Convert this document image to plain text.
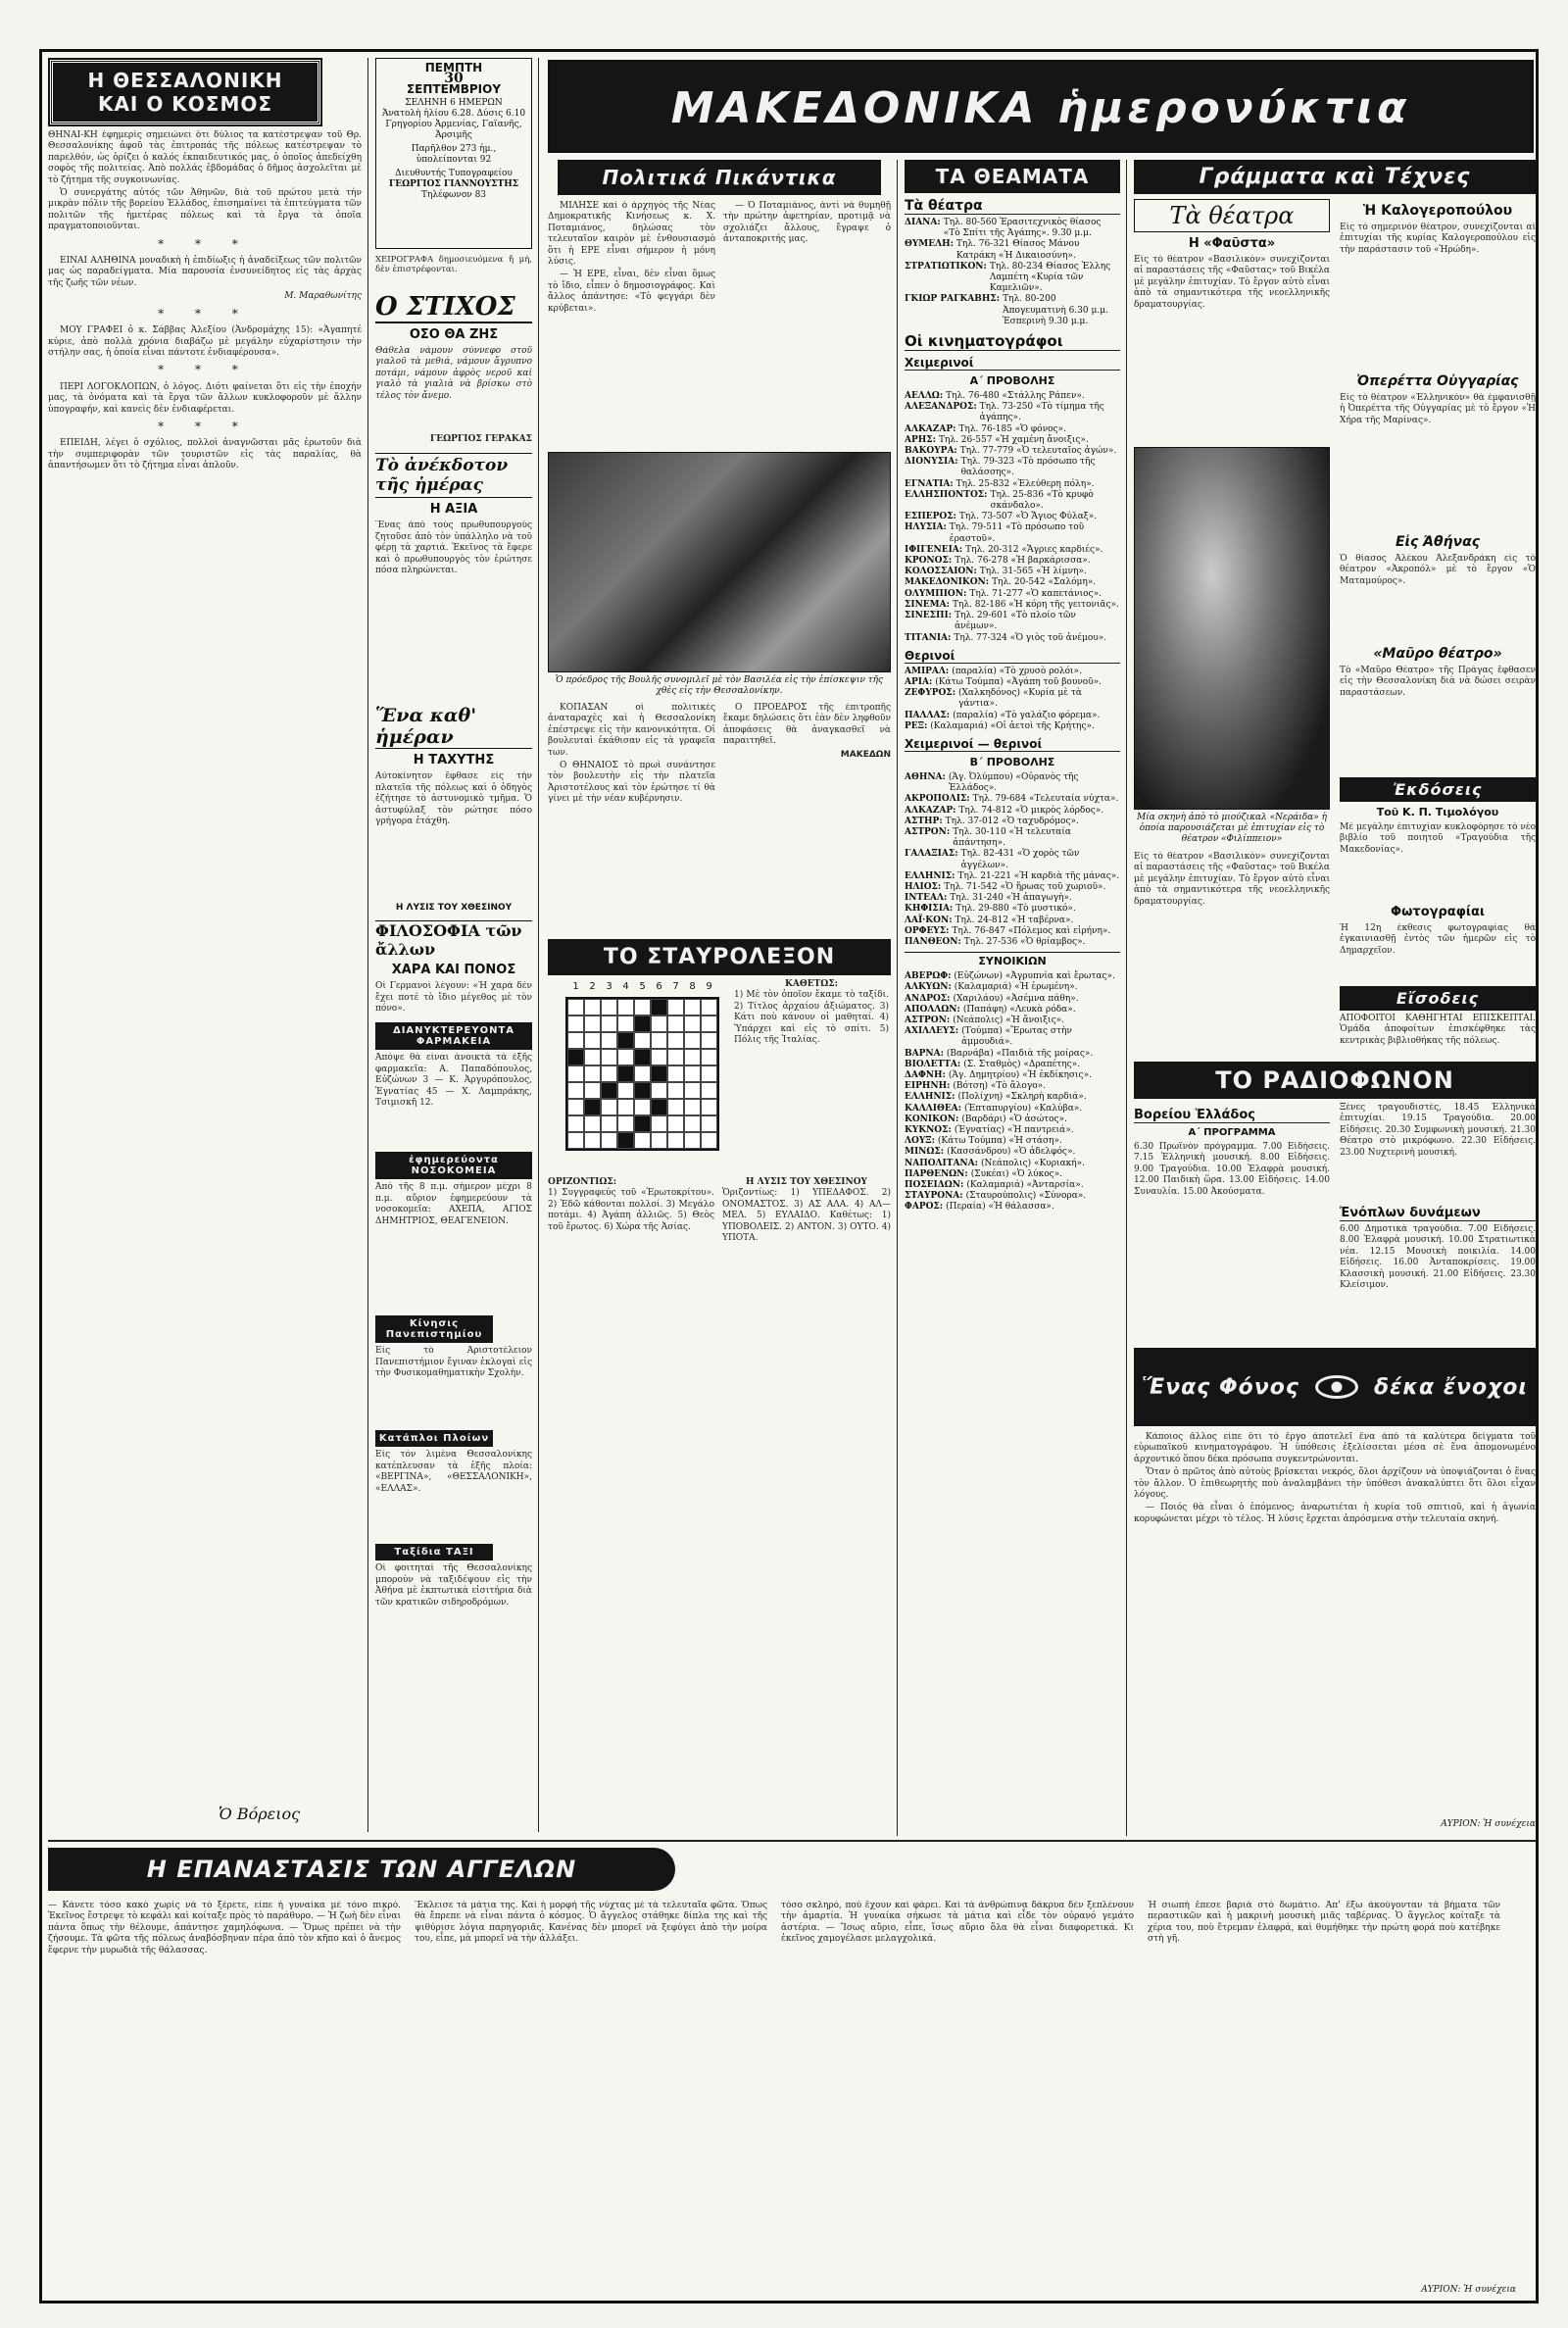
Η ΘΕΣΣΑΛΟΝΙΚΗ
ΚΑΙ Ο ΚΟΣΜΟΣ

ΘΗΝΑΙ-ΚΗ ἐφημερὶς σημειώνει ὅτι δύλιος τα κατέστρεψαν τοῦ Θρ. Θεσσαλονίκης ἀφοῦ τὰς ἐπιτροπάς τῆς πόλεως κατέστρεψαν τὸ παρελθόν, ὡς ὁρίζει ὁ καλός ἐκπαιδευτικός μας, ὁ ὁποῖος ἀπεδείχθη σοφὸς τῆς πολιτείας. Ἀπὸ πολλάς ἐβδομάδας ὁ δῆμος ἀσχολεῖται μὲ τὸ ζήτημα τῆς συγκοινωνίας.

Ὁ συνεργάτης αὐτός τῶν Ἀθηνῶν, διὰ τοῦ πρώτου μετὰ τὴν μικρὰν πόλιν τῆς βορείου Ἑλλάδος, ἐπισημαίνει τὰ ἐπιτεύγματα τῶν πολιτῶν τῆς ἡμετέρας πόλεως καὶ τὰ ἔργα τὰ ὁποῖα πραγματοποιοῦνται.

* * *

ΕΙΝΑΙ ΑΛΗΘΙΝΑ μοναδικὴ ἡ ἐπιδίωξις ἡ ἀναδείξεως τῶν πολιτῶν μας ὡς παραδείγματα. Μία παρουσία ἐνσυνείδητος εἰς τὰς ἀρχὰς τῆς ζωῆς τῶν νέων.

Μ. Μαραθωνίτης

* * *

ΜΟΥ ΓΡΑΦΕΙ ὁ κ. Σάββας Ἀλεξίου (Ἀνδρομάχης 15): «Ἀγαπητέ κύριε, ἀπὸ πολλὰ χρόνια διαβάζω μὲ μεγάλην εὐχαρίστησιν τὴν στήλην σας, ἡ ὁποία εἶναι πάντοτε ἐνδιαφέρουσα».

* * *

ΠΕΡΙ ΛΟΓΟΚΛΟΠΩΝ, ὁ λόγος. Διότι φαίνεται ὅτι εἰς τὴν ἐποχήν μας, τὰ ὀνόματα καὶ τὰ ἔργα τῶν ἄλλων κυκλοφοροῦν μὲ ἄλλην ὑπογραφήν, καὶ κανεὶς δὲν ἐνδιαφέρεται.

* * *

ΕΠΕΙΔΗ, λέγει ὁ σχόλιος, πολλοὶ ἀναγνῶσται μᾶς ἐρωτοῦν διὰ τὴν συμπεριφορὰν τῶν τουριστῶν εἰς τὰς παραλίας, θὰ ἀπαντήσωμεν ὅτι τὸ ζήτημα εἶναι ἁπλοῦν.

Ὁ Βόρειος
ΠΕΜΠΤΗ
30
ΣΕΠΤΕΜΒΡΙΟΥ
ΣΕΛΗΝΗ 6 ΗΜΕΡΩΝ
Ἀνατολὴ ἡλίου 6.28. Δύσις 6.10
Γρηγορίου Ἀρμενίας, Γαϊανῆς, Ἀρσιμῆς
Παρῆλθον 273 ἡμ., ὑπολείπονται 92
Διευθυντής Τυπογραφείου
ΓΕΩΡΓΙΟΣ ΓΙΑΝΝΟΥΣΤΗΣ
Τηλέφωνον 83
ΧΕΙΡΟΓΡΑΦΑ δημοσιευόμενα ἤ μή, δὲν ἐπιστρέφονται.
Ο ΣΤΙΧΟΣ
ΟΣΟ ΘΑ ΖΗΣ
Θάθελα νάμουν σύννεφο στοῦ γιαλοῦ τὰ μεθιά, νάμουν ἄγρυπνο ποτάμι, νάμουν ἀφρὸς νεροῦ καὶ γιαλὸ τὰ γιαλιὰ νὰ βρίσκω στὸ τέλος τὸν ἄνεμο.
ΓΕΩΡΓΙΟΣ ΓΕΡΑΚΑΣ
Τὸ ἀνέκδοτον τῆς ἡμέρας
Η ΑΞΙΑ
Ἕνας ἀπὸ τοὺς πρωθυπουργοὺς ζητοῦσε ἀπὸ τὸν ὑπάλληλο νὰ τοῦ φέρῃ τὰ χαρτιά. Ἐκεῖνος τὰ ἔφερε καὶ ὁ πρωθυπουργὸς τὸν ἐρώτησε πόσα πληρώνεται.
Ἕνα καθ' ἡμέραν
Η ΤΑΧΥΤΗΣ
Αὐτοκίνητον ἔφθασε εἰς τὴν πλατεῖα τῆς πόλεως καὶ ὁ ὁδηγὸς ἐζήτησε τὸ ἀστυνομικὸ τμῆμα. Ὁ ἀστυφύλαξ τὸν ρώτησε πόσο γρήγορα ἐτάχθη.
Η ΛΥΣΙΣ ΤΟΥ ΧΘΕΣΙΝΟΥ
ΦΙΛΟΣΟΦΙΑ τῶν ἄλλων
ΧΑΡΑ ΚΑΙ ΠΟΝΟΣ
Οἱ Γερμανοὶ λέγουν: «Ἡ χαρὰ δὲν ἔχει ποτέ τὸ ἴδιο μέγεθος μὲ τὸν πόνο».
ΔΙΑΝΥΚΤΕΡΕΥΟΝΤΑ ΦΑΡΜΑΚΕΙΑ
Ἀπόψε θὰ εἶναι ἀνοικτὰ τὰ ἑξῆς φαρμακεῖα: Α. Παπαδόπουλος, Εὐζώνων 3 — Κ. Ἀργυρόπουλος, Ἐγνατίας 45 — Χ. Λαμπράκης, Τσιμισκῆ 12.
ἐφημερεύοντα ΝΟΣΟΚΟΜΕΙΑ
Ἀπὸ τῆς 8 π.μ. σήμερον μέχρι 8 π.μ. αὔριον ἐφημερεύουν τὰ νοσοκομεῖα: ΑΧΕΠΑ, ΑΓΙΟΣ ΔΗΜΗΤΡΙΟΣ, ΘΕΑΓΕΝΕΙΟΝ.
Κίνησις Πανεπιστημίου
Εἰς τὸ Ἀριστοτέλειον Πανεπιστήμιον ἔγιναν ἐκλογαὶ εἰς τὴν Φυσικομαθηματικὴν Σχολὴν.
Κατάπλοι Πλοίων
Εἰς τὸν λιμένα Θεσσαλονίκης κατέπλευσαν τὰ ἑξῆς πλοία: «ΒΕΡΓΙΝΑ», «ΘΕΣΣΑΛΟΝΙΚΗ», «ΕΛΛΑΣ».
Ταξίδια ΤΑΞΙ
Οἱ φοιτηταὶ τῆς Θεσσαλονίκης μπορούν νὰ ταξιδέψουν εἰς τὴν Ἀθήνα μὲ ἑκπτωτικὰ εἰσιτήρια διὰ τῶν κρατικῶν σιδηροδρόμων.
ΜΑΚΕΔΟΝΙΚΑ ἡμερονύκτια
Πολιτικά Πικάντικα

ΜΙΛΗΣΕ καὶ ὁ ἀρχηγὸς τῆς Νέας Δημοκρατικῆς Κινήσεως κ. Χ. Ποταμιάνος, δηλώσας τὸν τελευταῖον καιρὸν μὲ ἐνθουσιασμὸ ὅτι ἡ ΕΡΕ εἶναι σήμερον ἡ μόνη λύσις.

— Ἡ ΕΡΕ, εἶναι, δὲν εἶναι ὅμως τὸ ἴδιο, εἶπεν ὁ δημοσιογράφος. Καὶ ἄλλος ἀπάντησε: «Τὸ φεγγάρι δὲν κρύβεται».

— Ὁ Ποταμιάνος, ἀντὶ νὰ θυμηθῇ τὴν πρώτην ἀφετηρίαν, προτιμᾷ νὰ σχολιάζει ἄλλους, ἔγραψε ὁ ἀνταποκριτής μας.

Ὁ πρόεδρος τῆς Βουλῆς συνομιλεῖ μὲ τὸν Βασιλέα εἰς τὴν ἐπίσκεψιν τῆς χθὲς εἰς τὴν Θεσσαλονίκην.

ΚΟΠΑΣΑΝ οἱ πολιτικὲς ἀναταραχὲς καὶ ἡ Θεσσαλονίκη ἐπέστρεψε εἰς τὴν κανονικότητα. Οἱ βουλευταὶ ἐκάθισαν εἰς τὰ γραφεῖα των.

Ο ΘΗΝΑΙΟΣ τὸ πρωὶ συνάντησε τὸν βουλευτὴν εἰς τὴν πλατεῖα Ἀριστοτέλους καὶ τὸν ἐρώτησε τί θὰ γίνει μὲ τὴν νέαν κυβέρνησιν.

Ο ΠΡΟΕΔΡΟΣ τῆς ἐπιτροπῆς ἔκαμε δηλώσεις ὅτι ἐὰν δὲν ληφθοῦν ἀποφάσεις θὰ ἀναγκασθεῖ νὰ παραιτηθεῖ.

ΜΑΚΕΔΩΝ

ΤΟ ΣΤΑΥΡΟΛΕΞΟΝ
1	2	3	4	5	6	7	8	9	ΚΑΘΕΤΩΣ:

1) Μὲ τὸν ὁποῖον ἔκαμε τὸ ταξίδι. 2) Τίτλος ἀρχαίου ἀξιώματος. 3) Κάτι ποὺ κάνουν οἱ μαθηταί. 4) Ὑπάρχει καὶ εἰς τὸ σπίτι. 5) Πόλις τῆς Ἰταλίας.

ΟΡΙΖΟΝΤΙΩΣ:

1) Συγγραφεύς τοῦ «Ἐρωτοκρίτου». 2) Ἐδῶ κάθονται πολλοί. 3) Μεγάλο ποτάμι. 4) Ἀγάπη ἀλλιῶς. 5) Θεὸς τοῦ ἔρωτος. 6) Χώρα τῆς Ἀσίας.

Η ΛΥΣΙΣ ΤΟΥ ΧΘΕΣΙΝΟΥ

Ὁριζοντίως: 1) ΥΠΕΔΑΦΟΣ. 2) ΟΝΟΜΑΣΤΟΣ. 3) ΑΣ ΑΛΑ. 4) ΑΛ—ΜΕΛ. 5) ΕΥΛΑΙΔΟ. Καθέτως: 1) ΥΠΟΒΟΛΕΙΣ. 2) ΑΝΤΟΝ. 3) ΟΥΤΟ. 4) ΥΠΟΤΑ.

ΤΑ ΘΕΑΜΑΤΑ
Τὰ θέατρα
ΔΙΑΝΑ: Τηλ. 80-560 Ἐρασιτεχνικὸς θίασος «Τὸ Σπίτι τῆς Ἀγάπης». 9.30 μ.μ.
ΘΥΜΕΛΗ: Τηλ. 76-321 Θίασος Μάνου Κατράκη «Ἡ Δικαιοσύνη».
ΣΤΡΑΤΙΩΤΙΚΟΝ: Τηλ. 80-234 Θίασος Ἐλλης Λαμπέτη «Κυρία τῶν Καμελιῶν».
ΓΚΙΩΡ ΡΑΓΚΑΒΗΣ: Τηλ. 80-200 Ἀπογευματινὴ 6.30 μ.μ. Ἑσπερινὴ 9.30 μ.μ.
Οἱ κινηματογράφοι
Χειμερινοί
Α΄ ΠΡΟΒΟΛΗΣ
ΑΕΛΛΩ: Τηλ. 76-480 «Στάλλης Ράπεν».
ΑΛΕΞΑΝΔΡΟΣ: Τηλ. 73-250 «Τὸ τίμημα τῆς ἀγάπης».
ΑΛΚΑΖΑΡ: Τηλ. 76-185 «Ὁ φόνος».
ΑΡΗΣ: Τηλ. 26-557 «Ἡ χαμένη ἄνοιξις».
ΒΑΚΟΥΡΑ: Τηλ. 77-779 «Ὁ τελευταῖος ἀγών».
ΔΙΟΝΥΣΙΑ: Τηλ. 79-323 «Τὸ πρόσωπο τῆς θαλάσσης».
ΕΓΝΑΤΙΑ: Τηλ. 25-832 «Ἐλεύθερη πόλη».
ΕΛΛΗΣΠΟΝΤΟΣ: Τηλ. 25-836 «Τὸ κρυφὸ σκάνδαλο».
ΕΣΠΕΡΟΣ: Τηλ. 73-507 «Ὁ Ἄγιος Φύλαξ».
ΗΛΥΣΙΑ: Τηλ. 79-511 «Τὸ πρόσωπο τοῦ ἐραστοῦ».
ΙΦΙΓΕΝΕΙΑ: Τηλ. 20-312 «Ἄγριες καρδιές».
ΚΡΟΝΟΣ: Τηλ. 76-278 «Ἡ βαρκάρισσα».
ΚΟΛΟΣΣΑΙΟΝ: Τηλ. 31-565 «Ἡ λίμνη».
ΜΑΚΕΔΟΝΙΚΟΝ: Τηλ. 20-542 «Σαλόμη».
ΟΛΥΜΠΙΟΝ: Τηλ. 71-277 «Ὁ καπετάνιος».
ΣΙΝΕΜΑ: Τηλ. 82-186 «Ἡ κόρη τῆς γειτονιᾶς».
ΣΙΝΕΣΠΙ: Τηλ. 29-601 «Τὸ πλοίο τῶν ἀνέμων».
ΤΙΤΑΝΙΑ: Τηλ. 77-324 «Ὁ γιὸς τοῦ ἀνέμου».
Θερινοί
ΑΜΙΡΑΛ: (παραλία) «Τὸ χρυσὸ ρολόι».
ΑΡΙΑ: (Κάτω Τούμπα) «Ἀγάπη τοῦ βουνοῦ».
ΖΕΦΥΡΟΣ: (Χαλκηδόνος) «Κυρία μὲ τὰ γάντια».
ΠΑΛΛΑΣ: (παραλία) «Τὸ γαλάζιο φόρεμα».
ΡΕΞ: (Καλαμαριά) «Οἱ ἀετοὶ τῆς Κρήτης».
Χειμερινοί — θερινοί
Β΄ ΠΡΟΒΟΛΗΣ
ΑΘΗΝΑ: (Ἁγ. Ὀλύμπου) «Οὐρανὸς τῆς Ἑλλάδος».
ΑΚΡΟΠΟΛΙΣ: Τηλ. 79-684 «Τελευταία νύχτα».
ΑΛΚΑΖΑΡ: Τηλ. 74-812 «Ὁ μικρὸς λόρδος».
ΑΣΤΗΡ: Τηλ. 37-012 «Ὁ ταχυδρόμος».
ΑΣΤΡΟΝ: Τηλ. 30-110 «Ἡ τελευταία ἀπάντηση».
ΓΑΛΑΞΙΑΣ: Τηλ. 82-431 «Ὁ χορὸς τῶν ἀγγέλων».
ΕΛΛΗΝΙΣ: Τηλ. 21-221 «Ἡ καρδιὰ τῆς μάνας».
ΗΛΙΟΣ: Τηλ. 71-542 «Ὁ ἥρωας τοῦ χωριοῦ».
ΙΝΤΕΑΛ: Τηλ. 31-240 «Ἡ ἀπαγωγὴ».
ΚΗΦΙΣΙΑ: Τηλ. 29-880 «Τὸ μυστικό».
ΛΑΪ·ΚΟΝ: Τηλ. 24-812 «Ἡ ταβέρνα».
ΟΡΦΕΥΣ: Τηλ. 76-847 «Πόλεμος καὶ εἰρήνη».
ΠΑΝΘΕΟΝ: Τηλ. 27-536 «Ὁ θρίαμβος».
ΣΥΝΟΙΚΙΩΝ
ΑΒΕΡΩΦ: (Εὐζώνων) «Ἀγρυπνία καὶ ἔρωτας».
ΑΛΚΥΩΝ: (Καλαμαριά) «Ἡ ἑρωμένη».
ΑΝΔΡΟΣ: (Χαριλάου) «Ἀσέμνα πάθη».
ΑΠΟΛΛΩΝ: (Παπάφη) «Λευκὰ ρόδα».
ΑΣΤΡΟΝ: (Νεάπολις) «Ἡ ἄνοιξις».
ΑΧΙΛΛΕΥΣ: (Τούμπα) «Ἔρωτας στὴν ἀμμουδιά».
ΒΑΡΝΑ: (Βαρνάβα) «Παιδιὰ τῆς μοίρας».
ΒΙΟΛΕΤΤΑ: (Σ. Σταθμὸς) «Δραπέτης».
ΔΑΦΝΗ: (Ἁγ. Δημητρίου) «Ἡ ἐκδίκησις».
ΕΙΡΗΝΗ: (Βότση) «Τὸ ἄλογο».
ΕΛΛΗΝΙΣ: (Πολίχνη) «Σκληρὴ καρδιά».
ΚΑΛΛΙΘΕΑ: (Ἐπταπυργίου) «Καλύβα».
ΚΟΝΙΚΟΝ: (Βαρδάρι) «Ὁ ἀσώτος».
ΚΥΚΝΟΣ: (Ἐγνατίας) «Ἡ παντρειά».
ΛΟΥΞ: (Κάτω Τούμπα) «Ἡ στάση».
ΜΙΝΩΣ: (Κασσάνδρου) «Ὁ ἀδελφός».
ΝΑΠΟΛΙΤΑΝΑ: (Νεάπολις) «Κυριακή».
ΠΑΡΘΕΝΩΝ: (Συκέαι) «Ὁ λύκος».
ΠΟΣΕΙΔΩΝ: (Καλαμαριά) «Ἀνταρσία».
ΣΤΑΥΡΟΝΑ: (Σταυρούπολις) «Σύνορα».
ΦΑΡΟΣ: (Περαία) «Ἡ θάλασσα».
Γράμματα καὶ Τέχνες
Τὰ θέατρα
Η «Φαῦστα»
Εἰς τὸ θέατρον «Βασιλικὸν» συνεχίζονται αἱ παραστάσεις τῆς «Φαῦστας» τοῦ Βικέλα μὲ μεγάλην ἐπιτυχίαν. Τὸ ἔργον αὐτὸ εἶναι ἀπὸ τὰ σημαντικότερα τῆς νεοελληνικῆς δραματουργίας.
Μία σκηνὴ ἀπὸ τὸ μιούζικαλ «Νεράιδα» ἡ ὁποία παρουσιάζεται μὲ ἐπιτυχίαν εἰς τὸ θέατρον «Φιλίππειον»
Εἰς τὸ θέατρον «Βασιλικὸν» συνεχίζονται αἱ παραστάσεις τῆς «Φαῦστας» τοῦ Βικέλα μὲ μεγάλην ἐπιτυχίαν. Τὸ ἔργον αὐτὸ εἶναι ἀπὸ τὰ σημαντικότερα τῆς νεοελληνικῆς δραματουργίας.
Ἡ Καλογεροπούλου
Εἰς τὸ σημερινόν θέατρον, συνεχίζονται αἱ ἐπιτυχίαι τῆς κυρίας Καλογεροπούλου εἰς τὴν παράστασιν τοῦ «Ἡρώδη».
Ὀπερέττα Οὐγγαρίας
Εἰς τὸ θέατρον «Ἑλληνικὸν» θὰ ἐμφανισθῇ ἡ Ὀπερέττα τῆς Οὐγγαρίας μὲ τὸ ἔργον «Ἡ Χήρα τῆς Μαρίνας».
Εἰς Ἀθήνας
Ὁ θίασος Ἀλέκου Ἀλεξανδράκη εἰς τὸ θέατρον «Ἀκροπόλ» μὲ τὸ ἔργον «Ὁ Ματαμούρος».
«Μαῦρο θέατρο»
Τὸ «Μαῦρο Θέατρο» τῆς Πράγας ἔφθασεν εἰς τὴν Θεσσαλονίκη διὰ νὰ δώσει σειρὰν παραστάσεων.
Ἐκδόσεις
Τοῦ Κ. Π. Τιμολόγου
Μὲ μεγάλην ἐπιτυχίαν κυκλοφόρησε τὸ νέο βιβλίο τοῦ ποιητοῦ «Τραγούδια τῆς Μακεδονίας».
Φωτογραφίαι
Ἡ 12η ἑκθεσις φωτογραφίας θὰ ἐγκαινιασθῇ ἐντὸς τῶν ἡμερῶν εἰς τὸ Δημαρχεῖον.
Εἴσοδεις
ΑΠΟΦΟΙΤΟΙ ΚΑΘΗΓΗΤΑΙ ΕΠΙΣΚΕΠΤΑΙ. Ὁμάδα ἀποφοίτων ἑπισκέφθηκε τὰς κεντρικὰς βιβλιοθήκας τῆς πόλεως.
ΤΟ ΡΑΔΙΟΦΩΝΟΝ
Βορείου Ἑλλάδος
Α΄ ΠΡΟΓΡΑΜΜΑ
6.30 Πρωϊνὸν πρόγραμμα. 7.00 Εἰδήσεις. 7.15 Ἑλληνικὴ μουσική. 8.00 Εἰδήσεις. 9.00 Τραγούδια. 10.00 Ἐλαφρὰ μουσική. 12.00 Παιδικὴ ὥρα. 13.00 Εἰδήσεις. 14.00 Συναυλία. 15.00 Ἀκούσματα.
Ξένες τραγουδιστές, 18.45 Ἑλληνικὰ ἐπιτυχίαι. 19.15 Τραγούδια. 20.00 Εἰδήσεις. 20.30 Συμφωνικὴ μουσική. 21.30 Θέατρο στὸ μικρόφωνο. 22.30 Εἰδήσεις. 23.00 Νυχτερινὴ μουσική.
Ἐνόπλων δυνάμεων
6.00 Δημοτικὰ τραγούδια. 7.00 Εἰδήσεις. 8.00 Ἐλαφρὰ μουσική. 10.00 Στρατιωτικὰ νέα. 12.15 Μουσικὴ ποικιλία. 14.00 Εἰδήσεις. 16.00 Ἀνταποκρίσεις. 19.00 Κλασσικὴ μουσική. 21.00 Εἰδήσεις. 23.30 Κλείσιμον.
Ἕνας Φόνος	δέκα ἔνοχοι

Κάποιος ἄλλος εἶπε ὅτι τὸ ἔργο ἀποτελεῖ ἕνα ἀπὸ τὰ καλύτερα δείγματα τοῦ εὐρωπαϊκοῦ κινηματογράφου. Ἡ ὑπόθεσις ἐξελίσσεται μέσα σὲ ἕνα ἀπομονωμένο ἀρχοντικό ὅπου δέκα πρόσωπα συγκεντρώνονται.

Ὅταν ὁ πρῶτος ἀπὸ αὐτοὺς βρίσκεται νεκρός, ὅλοι ἀρχίζουν νὰ ὑποψιάζονται ὁ ἕνας τὸν ἄλλον. Ὁ ἐπιθεωρητὴς ποὺ ἀναλαμβάνει τὴν ὑπόθεσι ἀνακαλύπτει ὅτι ὅλοι εἶχαν λόγους.

— Ποιός θὰ εἶναι ὁ ἑπόμενος; ἀναρωτιέται ἡ κυρία τοῦ σπιτιοῦ, καὶ ἡ ἀγωνία κορυφώνεται μέχρι τὸ τέλος. Ἡ λύσις ἔρχεται ἀπρόσμενα στὴν τελευταία σκηνή.

ΑΥΡΙΟΝ: Ἡ συνέχεια
Η ΕΠΑΝΑΣΤΑΣΙΣ ΤΩΝ ΑΓΓΕΛΩΝ
— Κάνετε τόσο κακὸ χωρὶς νὰ τὸ ξέρετε, εἶπε ἡ γυναίκα μὲ τόνο πικρό. Ἐκεῖνος ἔστρεψε τὸ κεφάλι καὶ κοίταξε πρὸς τὸ παράθυρο. — Ἡ ζωὴ δὲν εἶναι πάντα ὅπως τὴν θέλουμε, ἀπάντησε χαμηλόφωνα. — Ὅμως πρέπει νὰ τὴν ζήσουμε. Τὰ φῶτα τῆς πόλεως ἀναβόσβηναν πέρα ἀπὸ τὸν κῆπο καὶ ὁ ἄνεμος ἔφερνε τὴν μυρωδιὰ τῆς θάλασσας.
Ἔκλεισε τὰ μάτια της. Καὶ ἡ μορφή τῆς νύχτας μὲ τὰ τελευταῖα φῶτα. Ὅπως θὰ ἔπρεπε νὰ εἶναι πάντα ὁ κόσμος. Ὁ ἄγγελος στάθηκε δίπλα της καὶ τῆς ψιθύρισε λόγια παρηγοριᾶς. Κανένας δὲν μπορεῖ νὰ ξεφύγει ἀπὸ τὴν μοίρα του, εἶπε, μὰ μπορεῖ νὰ τὴν ἀλλάξει.
τόσο σκληρὸ, πού ἔχουν καὶ φάρει. Καὶ τὰ ἀνθρώπινα δάκρυα δὲν ξεπλένουν τὴν ἁμαρτία. Ἡ γυναίκα σήκωσε τὰ μάτια καὶ εἶδε τὸν οὐρανό γεμάτο ἀστέρια. — Ἴσως αὔριο, εἶπε, ἴσως αὔριο ὅλα θὰ εἶναι διαφορετικά. Κι ἐκεῖνος χαμογέλασε μελαγχολικά.
Ἡ σιωπὴ ἔπεσε βαριά στὸ δωμάτιο. Ἀπ' ἔξω ἀκούγονταν τὰ βήματα τῶν περαστικῶν καὶ ἡ μακρινὴ μουσικὴ μιᾶς ταβέρνας. Ὁ ἄγγελος κοίταξε τὰ χέρια του, ποὺ ἔτρεμαν ἐλαφρά, καὶ θυμήθηκε τὴν πρώτη φορά ποὺ κατέβηκε στὴ γῆ.
ΑΥΡΙΟΝ: Ἡ συνέχεια
